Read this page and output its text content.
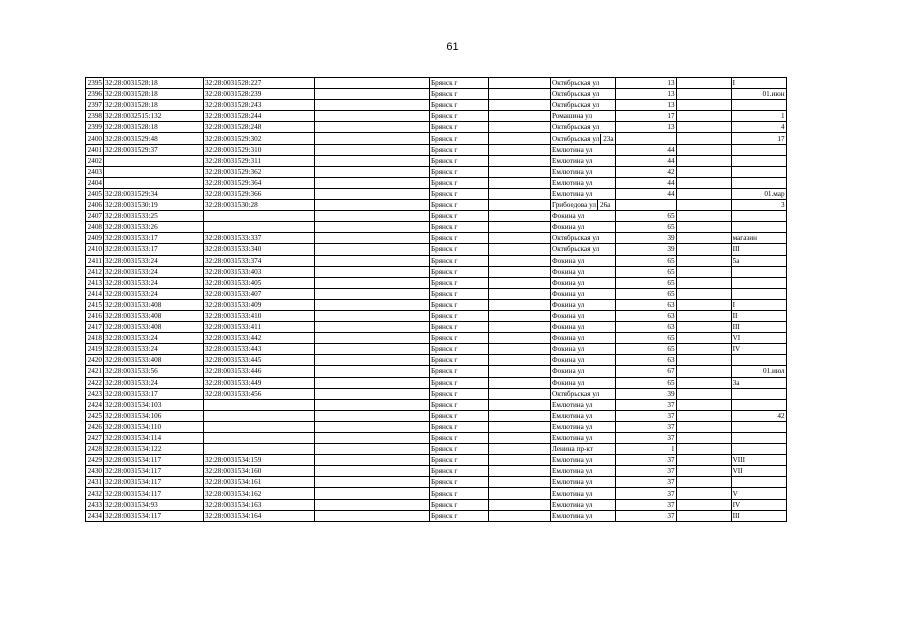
61
2395	32:28:0031528:18	32:28:0031528:227		Брянск г		Октябрьская ул	13		I
2396	32:28:0031528:18	32:28:0031528:239		Брянск г		Октябрьская ул	13		01.июн
2397	32:28:0031528:18	32:28:0031528:243		Брянск г		Октябрьская ул	13		
2398	32:28:0032515:132	32:28:0031528:244		Брянск г		Ромашина ул	17		1
2399	32:28:0031528:18	32:28:0031528:248		Брянск г		Октябрьская ул	13		4
2400	32:28:0031529:48	32:28:0031529:302		Брянск г		Октябрьская ул 23а			17
2401	32:28:0031529:37	32:28:0031529:310		Брянск г		Емлютина ул	44		
2402		32:28:0031529:311		Брянск г		Емлютина ул	44		
2403		32:28:0031529:362		Брянск г		Емлютина ул	42		
2404		32:28:0031529:364		Брянск г		Емлютина ул	44		
2405	32:28:0031529:34	32:28:0031529:366		Брянск г		Емлютина ул	44		01.мар
2406	32:28:0031530:19	32:28:0031530:28		Брянск г		Грибоедова ул 26а			3
2407	32:28:0031533:25			Брянск г		Фокина ул	65		
2408	32:28:0031533:26			Брянск г		Фокина ул	65		
2409	32:28:0031533:17	32:28:0031533:337		Брянск г		Октябрьская ул	39		магазин
2410	32:28:0031533:17	32:28:0031533:340		Брянск г		Октябрьская ул	39		III
2411	32:28:0031533:24	32:28:0031533:374		Брянск г		Фокина ул	65		5a
2412	32:28:0031533:24	32:28:0031533:403		Брянск г		Фокина ул	65		
2413	32:28:0031533:24	32:28:0031533:405		Брянск г		Фокина ул	65		
2414	32:28:0031533:24	32:28:0031533:407		Брянск г		Фокина ул	65		
2415	32:28:0031533:408	32:28:0031533:409		Брянск г		Фокина ул	63		I
2416	32:28:0031533:408	32:28:0031533:410		Брянск г		Фокина ул	63		II
2417	32:28:0031533:408	32:28:0031533:411		Брянск г		Фокина ул	63		III
2418	32:28:0031533:24	32:28:0031533:442		Брянск г		Фокина ул	65		VI
2419	32:28:0031533:24	32:28:0031533:443		Брянск г		Фокина ул	65		IV
2420	32:28:0031533:408	32:28:0031533:445		Брянск г		Фокина ул	63		
2421	32:28:0031533:56	32:28:0031533:446		Брянск г		Фокина ул	67		01.июл
2422	32:28:0031533:24	32:28:0031533:449		Брянск г		Фокина ул	65		3a
2423	32:28:0031533:17	32:28:0031533:456		Брянск г		Октябрьская ул	39		
2424	32:28:0031534:103			Брянск г		Емлютина ул	37		
2425	32:28:0031534:106			Брянск г		Емлютина ул	37		42
2426	32:28:0031534:110			Брянск г		Емлютина ул	37		
2427	32:28:0031534:114			Брянск г		Емлютина ул	37		
2428	32:28:0031534:122			Брянск г		Ленина пр-кт	1		
2429	32:28:0031534:117	32:28:0031534:159		Брянск г		Емлютина ул	37		VIII
2430	32:28:0031534:117	32:28:0031534:160		Брянск г		Емлютина ул	37		VII
2431	32:28:0031534:117	32:28:0031534:161		Брянск г		Емлютина ул	37		
2432	32:28:0031534:117	32:28:0031534:162		Брянск г		Емлютина ул	37		V
2433	32:28:0031534:93	32:28:0031534:163		Брянск г		Емлютина ул	37		IV
2434	32:28:0031534:117	32:28:0031534:164		Брянск г		Емлютина ул	37		III
